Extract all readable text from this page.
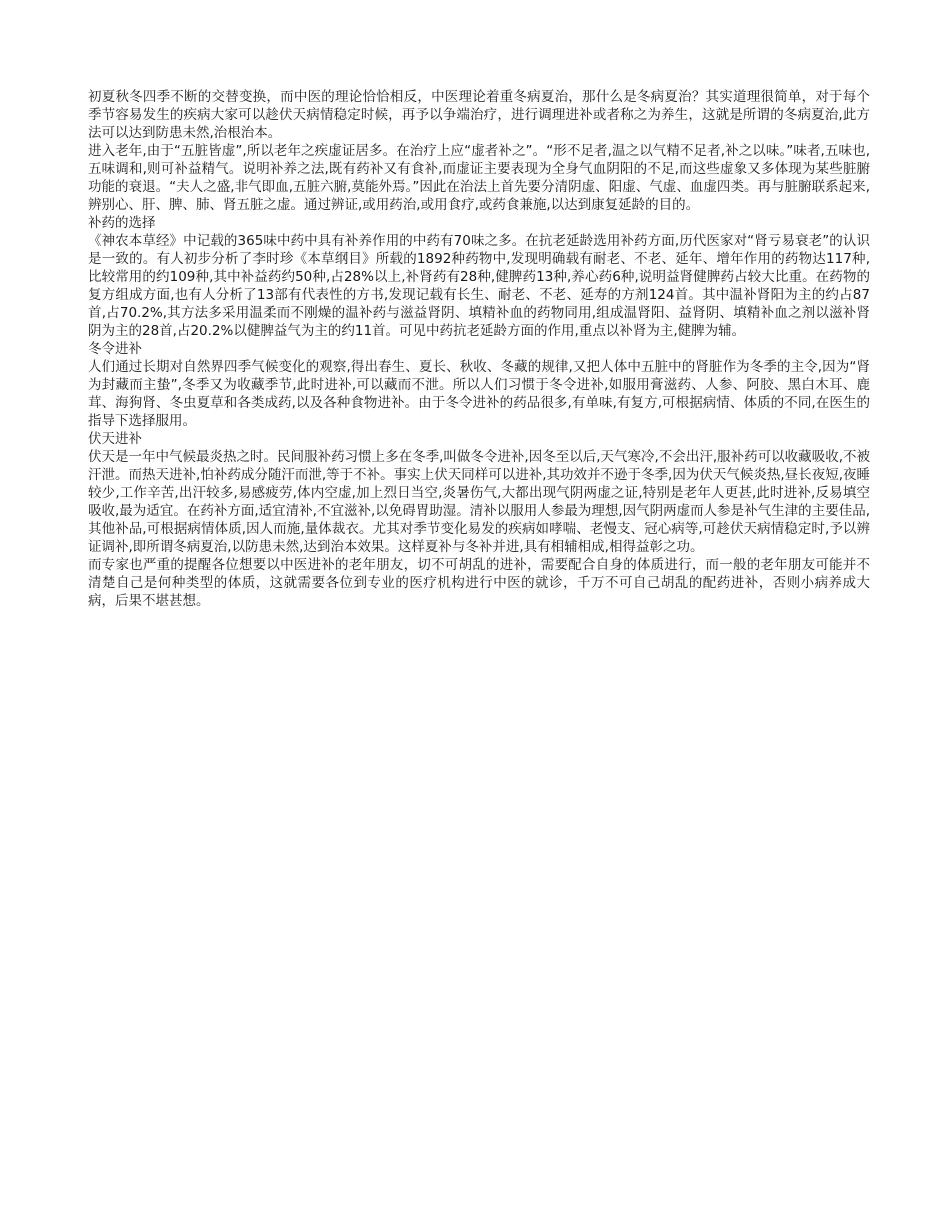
初夏秋冬四季不断的交替变换，而中医的理论恰恰相反，中医理论着重冬病夏治，那什么是冬病夏治？其实道理很简单，对于每个季节容易发生的疾病大家可以趁伏天病情稳定时候，再予以争端治疗，进行调理进补或者称之为养生，这就是所谓的冬病夏治,此方法可以达到防患未然,治根治本。

进入老年,由于“五脏皆虚”,所以老年之疾虚证居多。在治疗上应“虚者补之”。“形不足者,温之以气精不足者,补之以味。”味者,五味也,五味调和,则可补益精气。说明补养之法,既有药补又有食补,而虚证主要表现为全身气血阴阳的不足,而这些虚象又多体现为某些脏腑功能的衰退。“夫人之盛,非气即血,五脏六腑,莫能外焉。”因此在治法上首先要分清阴虚、阳虚、气虚、血虚四类。再与脏腑联系起来,辨别心、肝、脾、肺、肾五脏之虚。通过辨证,或用药治,或用食疗,或药食兼施,以达到康复延龄的目的。

补药的选择

《神农本草经》中记载的365味中药中具有补养作用的中药有70味之多。在抗老延龄选用补药方面,历代医家对“肾亏易衰老”的认识是一致的。有人初步分析了李时珍《本草纲目》所载的1892种药物中,发现明确载有耐老、不老、延年、增年作用的药物达117种,比较常用的约109种,其中补益药约50种,占28%以上,补肾药有28种,健脾药13种,养心药6种,说明益肾健脾药占较大比重。在药物的复方组成方面,也有人分析了13部有代表性的方书,发现记载有长生、耐老、不老、延寿的方剂124首。其中温补肾阳为主的约占87首,占70.2%,其方法多采用温柔而不刚燥的温补药与滋益肾阴、填精补血的药物同用,组成温肾阳、益肾阴、填精补血之剂以滋补肾阴为主的28首,占20.2%以健脾益气为主的约11首。可见中药抗老延龄方面的作用,重点以补肾为主,健脾为辅。

冬令进补

人们通过长期对自然界四季气候变化的观察,得出春生、夏长、秋收、冬藏的规律,又把人体中五脏中的肾脏作为冬季的主令,因为“肾为封藏而主蛰”,冬季又为收藏季节,此时进补,可以藏而不泄。所以人们习惯于冬令进补,如服用膏滋药、人参、阿胶、黑白木耳、鹿茸、海狗肾、冬虫夏草和各类成药,以及各种食物进补。由于冬令进补的药品很多,有单味,有复方,可根据病情、体质的不同,在医生的指导下选择服用。

伏天进补

伏天是一年中气候最炎热之时。民间服补药习惯上多在冬季,叫做冬令进补,因冬至以后,天气寒冷,不会出汗,服补药可以收藏吸收,不被汗泄。而热天进补,怕补药成分随汗而泄,等于不补。事实上伏天同样可以进补,其功效并不逊于冬季,因为伏天气候炎热,昼长夜短,夜睡较少,工作辛苦,出汗较多,易感疲劳,体内空虚,加上烈日当空,炎暑伤气,大都出现气阴两虚之证,特别是老年人更甚,此时进补,反易填空吸收,最为适宜。在药补方面,适宜清补,不宜滋补,以免碍胃助湿。清补以服用人参最为理想,因气阴两虚而人参是补气生津的主要佳品,其他补品,可根据病情体质,因人而施,量体裁衣。尤其对季节变化易发的疾病如哮喘、老慢支、冠心病等,可趁伏天病情稳定时,予以辨证调补,即所谓冬病夏治,以防患未然,达到治本效果。这样夏补与冬补并进,具有相辅相成,相得益彰之功。

而专家也严重的提醒各位想要以中医进补的老年朋友，切不可胡乱的进补，需要配合自身的体质进行，而一般的老年朋友可能并不清楚自己是何种类型的体质，这就需要各位到专业的医疗机构进行中医的就诊，千万不可自己胡乱的配药进补，否则小病养成大病，后果不堪甚想。
